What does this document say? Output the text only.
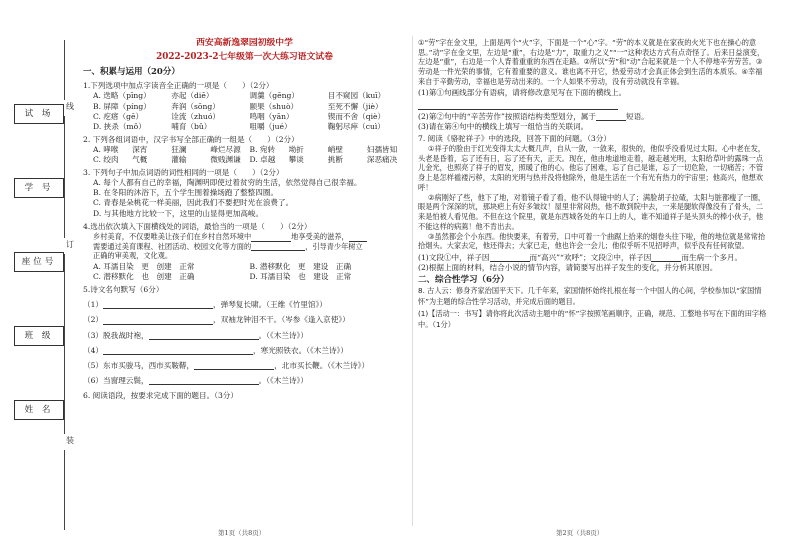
试 场
学 号
座位号
班 级
姓 名
线
订
装
西安高新逸翠园初级中学
2022-2023-2七年级第一次大练习语文试卷
一、积累与运用（20分）
1.下列选项中加点字读音全正确的一项是（　　）（2分）
A. 迭略（pīng）	亦起（diē）	调羹（gēng）	目不窥园（kuī）
B. 屏障（píng）	奔润（sōng）	颐果（shuò）	至死不懈（jiè）
C. 疙瘩（gē）	诠流（zhuó）	鸣咽（yān）	锲而不舍（qiè）
D. 挟杀（mǒ）	哺育（bǔ）	咀嚼（jué）	鞠躬尽瘁（cuì）
2. 下列各组词语中，汉字书写全部正确的一组是（　　）（2分）
A. 哮喉	深宵	狂澜	峰烂尽源	B. 宛转	坳折	峭壁	妇孺皆知
C. 绞肉	气概	灌输	微贱渊谦	D. 卓越	攀谈	挑断	深恶痛决
3. 下列句子中加点词语的词性相同的一项是（　　）（2分）
A. 每个人都有自己的幸福，陶渊明即使过着贫穷的生活，依然觉得自己很幸福。
B. 在冬阳的沐浴下，五个学生围着操场跑了整整四圈。
C. 青春是朵桃花一样美丽，因此我们不要把时光在浪费了。
D. 与其他地方比较一下，这里的山显得更加高峻。
4.选出依次填入下面横线处的词语，最恰当的一项是（　　）（2分）
乡村美育，不仅要唯美让孩子们在乡村自然环境中	地享受美的滋养，
需要通过美育课程、社团活动、校园文化等方面的	，引导青少年树立
正确的审美观，文化观。
A. 耳濡目染　更　创建　正常	B. 潜移默化　更　建设　正确
C. 潜移默化　也　创建　正确	D. 耳濡目染　也　建设　正常
5.诗文名句默写（6分）
（1）	，弹琴复长啸。（王维《竹里馆》）
（2）	，双袖龙钟泪不干。（岑参《逢入京使》）
（3）脱我战时袍，	。（《木兰诗》）
（4）	，寒光照铁衣。（《木兰诗》）
（5）东市买骏马，西市买鞍鞯，	，北市买长鞭。（《木兰诗》）
（6）当窗理云鬓，	。（《木兰诗》）
6. 阅读语段，按要求完成下面的题目。（3分）
①“劳”字在金文里，上面是两个“火”字，下面是一个“心”字。“劳”的本义就是在家夜的火光下也在操心的意思。”动”字在金文里，左边是“重”，右边是“力”，取重力之义”“一”这种表达方式有点奇怪了。后来日益演变，左边是“重”，右边是一个人背着重重的东西在走路。②所以“劳”和“动”合起来就是一个人不停地辛劳劳苦。③劳动是一件光荣的事情，它有着重要的意义。谁也离不开它，热爱劳动才会真正体会到生活的本质乐。④幸福来自于辛勤劳动，幸福也是劳动出来的。一个人如果不劳动，没有劳动就没有幸福。
(1)第①句画线部分有语病，请将修改意见写在下面的横线上。
(2)第②句中的“辛苦劳作”按照语结构类型划分，属于	短语。
(3)请在第④句中的横线上填写一组恰当的关联词。
7. 阅读《骆驼祥子》中的选段，回答下面的问题。（3分）
①祥子的脸由于红光变得太太大概几声，自从一敛，一敛来，很快的，他似乎没看见过太阳。心中老在发，头老是昏着，忘了还有日，忘了还有天，正天。现在，他由地道地走着，越走越光明，太阳给草叶的露珠一点儿金光，也照亮了祥子的眉发，照暖了他的心。他忘了困难，忘了自己是谁，忘了一切危险，一切痛苦；不管身上是怎样褴褛污秽，太阳的光明与热并没将他除外，他是生活在一个有光有热力的宇宙里；他高兴，他想欢呼！
②病刚好了些，他下了地，对着镜子看了看，他不认得镜中的人了；满脸胡子拉碴，太阳与脏都瘦了一圈，眼是两个深深的坑，那块疤上有好多皱纹！屋里非常闷热，他不敢到院中去，一来是腿软得像没有了骨头，二来是怕被人看见他。不但在这个院里，就是东西城各处的车口上的人，谁不知道祥子是头顶头的棒小伙子，他不能这样的病蔫！他不肯出去。
③虽然都会个小东西。他快要来，有着劳，口中可着一个曲踞上拾来的烟卷头往下啦，他的地位就是常常抬拾烟头。大家去定，他还得去；大家已走，他也许会一会儿；他似乎听不见招呼声，似乎没有任何欲望。
(1)文段①中，祥子因	而“高兴”“欢呼”；文段②中，祥子因	而生病一个多月。
(2)根据上面的材料，结合小说的情节内容，请简要写出祥子发生的变化，并分析其原因。
二、综合性学习（6分）
8. 古人云：修身齐家治国平天下。几千年来，家国情怀始终扎根在每一个中国人的心间，学校参加以“家国情怀”为主题的综合性学习活动，并完成后面的题目。
(1)【活动一：书写】请你将此次活动主题中的“怀”字按照笔画顺序，正确，规范、工整地书写在下面的田字格中。（1分）
第1页（共8页）	第2页（共8页）
